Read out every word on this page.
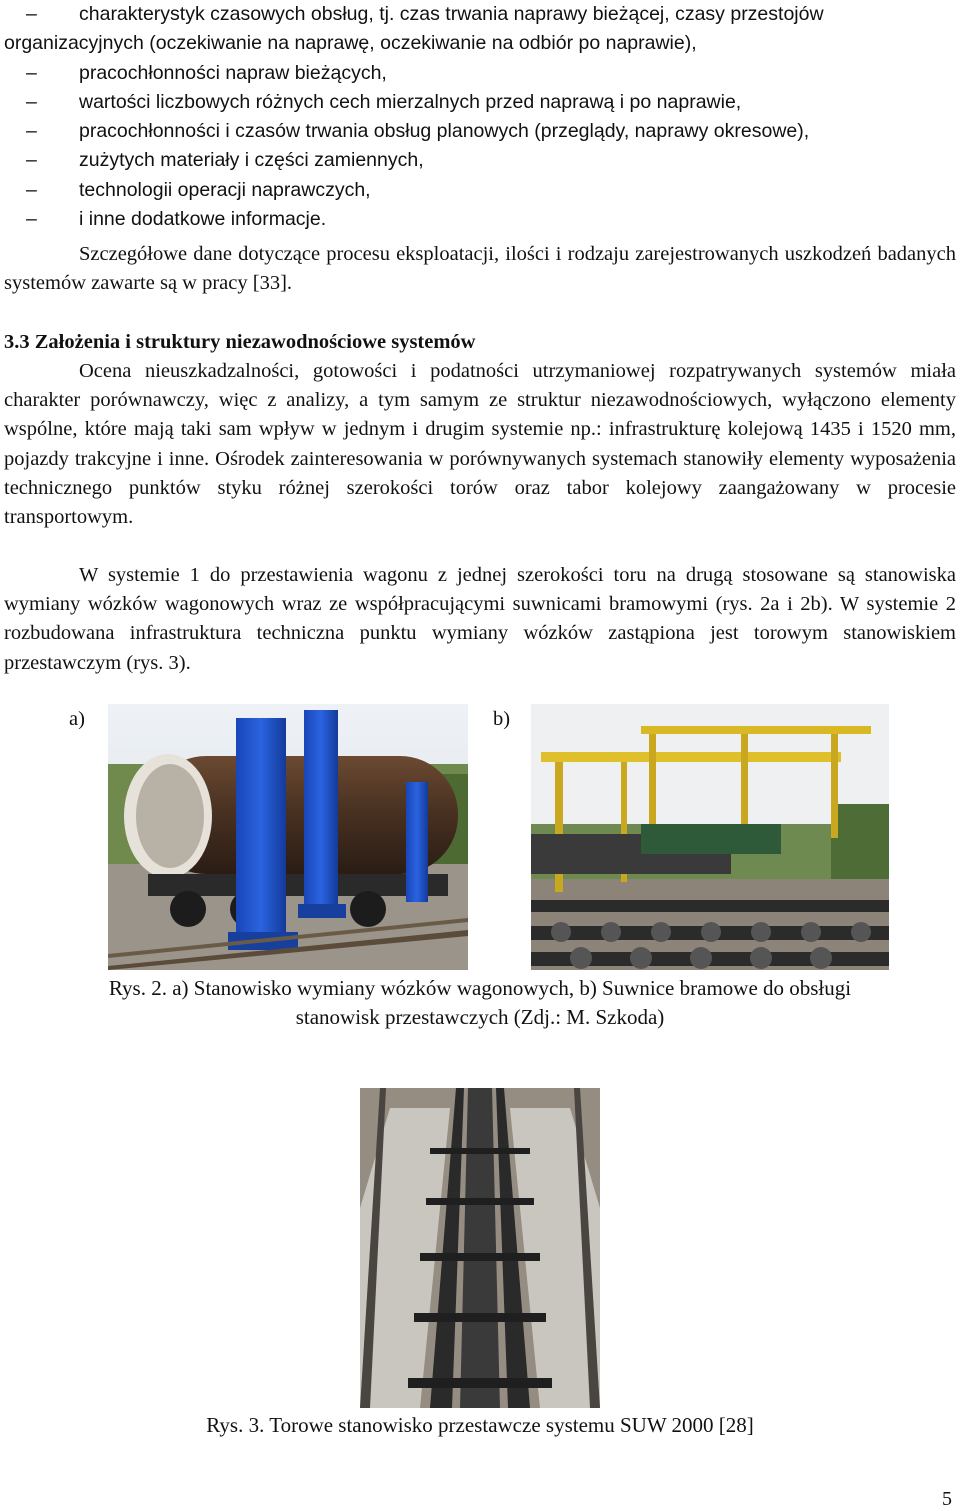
– charakterystyk czasowych obsług, tj. czas trwania naprawy bieżącej, czasy przestojów
organizacyjnych (oczekiwanie na naprawę, oczekiwanie na odbiór po naprawie),
– pracochłonności napraw bieżących,
– wartości liczbowych różnych cech mierzalnych przed naprawą i po naprawie,
– pracochłonności i czasów trwania obsług planowych (przeglądy, naprawy okresowe),
– zużytych materiały i części zamiennych,
– technologii operacji naprawczych,
– i inne dodatkowe informacje.
Szczegółowe dane dotyczące procesu eksploatacji, ilości i rodzaju zarejestrowanych uszkodzeń badanych systemów zawarte są w pracy [33].
3.3 Założenia i struktury niezawodnościowe systemów
Ocena nieuszkadzalności, gotowości i podatności utrzymaniowej rozpatrywanych systemów miała charakter porównawczy, więc z analizy, a tym samym ze struktur niezawodnościowych, wyłączono elementy wspólne, które mają taki sam wpływ w jednym i drugim systemie np.: infrastrukturę kolejową 1435 i 1520 mm, pojazdy trakcyjne i inne. Ośrodek zainteresowania w porównywanych systemach stanowiły elementy wyposażenia technicznego punktów styku różnej szerokości torów oraz tabor kolejowy zaangażowany w procesie transportowym.
W systemie 1 do przestawienia wagonu z jednej szerokości toru na drugą stosowane są stanowiska wymiany wózków wagonowych wraz ze współpracującymi suwnicami bramowymi (rys. 2a i 2b). W systemie 2 rozbudowana infrastruktura techniczna punktu wymiany wózków zastąpiona jest torowym stanowiskiem przestawczym (rys. 3).
a)	b)
Rys. 2. a) Stanowisko wymiany wózków wagonowych, b) Suwnice bramowe do obsługi
stanowisk przestawczych (Zdj.: M. Szkoda)
Rys. 3. Torowe stanowisko przestawcze systemu SUW 2000 [28]
5
